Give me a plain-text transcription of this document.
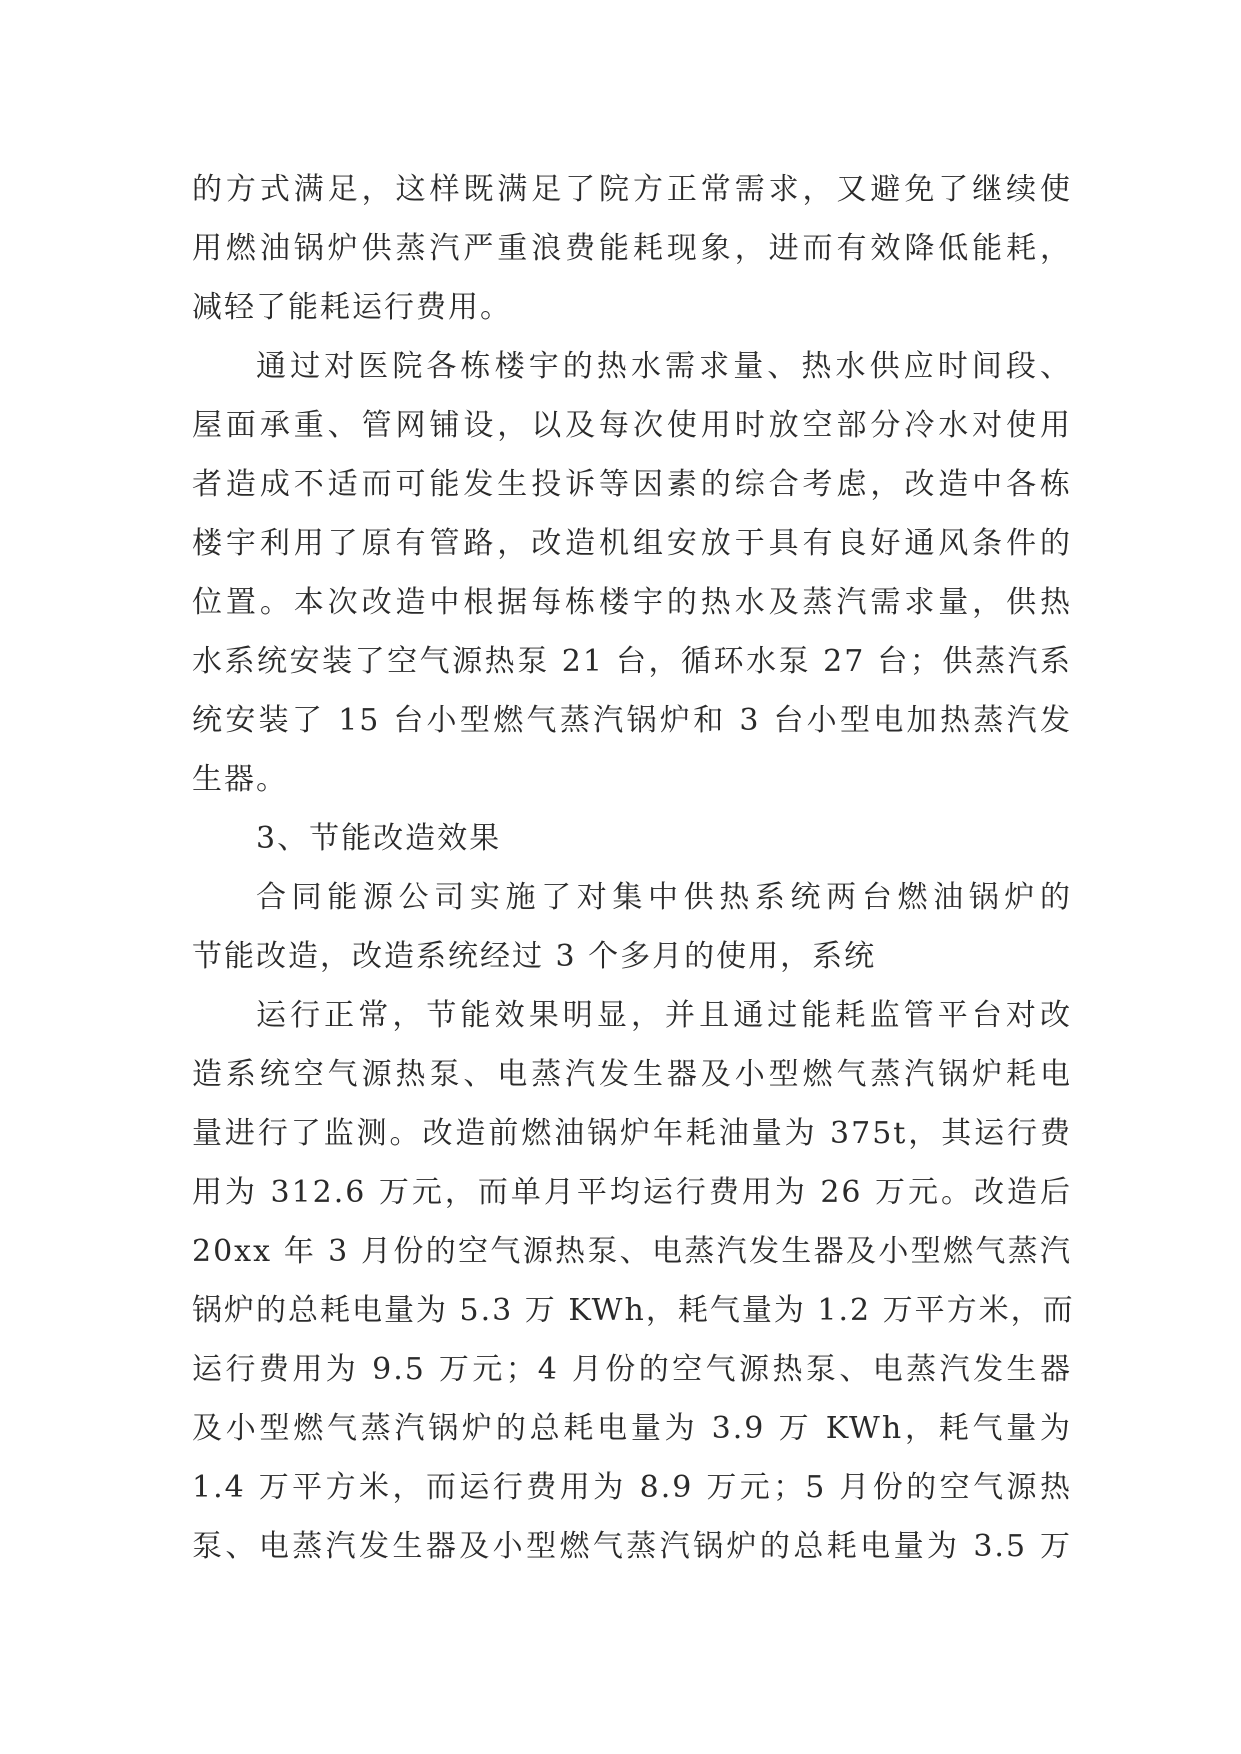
的方式满足，这样既满足了院方正常需求，又避免了继续使
用燃油锅炉供蒸汽严重浪费能耗现象，进而有效降低能耗，
减轻了能耗运行费用。
通过对医院各栋楼宇的热水需求量、热水供应时间段、
屋面承重、管网铺设，以及每次使用时放空部分冷水对使用
者造成不适而可能发生投诉等因素的综合考虑，改造中各栋
楼宇利用了原有管路，改造机组安放于具有良好通风条件的
位置。本次改造中根据每栋楼宇的热水及蒸汽需求量，供热
水系统安装了空气源热泵 21 台，循环水泵 27 台；供蒸汽系
统安装了 15 台小型燃气蒸汽锅炉和 3 台小型电加热蒸汽发
生器。
3、节能改造效果
合同能源公司实施了对集中供热系统两台燃油锅炉的
节能改造，改造系统经过 3 个多月的使用，系统
运行正常，节能效果明显，并且通过能耗监管平台对改
造系统空气源热泵、电蒸汽发生器及小型燃气蒸汽锅炉耗电
量进行了监测。改造前燃油锅炉年耗油量为 375t，其运行费
用为 312.6 万元，而单月平均运行费用为 26 万元。改造后
20xx 年 3 月份的空气源热泵、电蒸汽发生器及小型燃气蒸汽
锅炉的总耗电量为 5.3 万 KWh，耗气量为 1.2 万平方米，而
运行费用为 9.5 万元；4 月份的空气源热泵、电蒸汽发生器
及小型燃气蒸汽锅炉的总耗电量为 3.9 万 KWh，耗气量为
1.4 万平方米，而运行费用为 8.9 万元；5 月份的空气源热
泵、电蒸汽发生器及小型燃气蒸汽锅炉的总耗电量为 3.5 万
